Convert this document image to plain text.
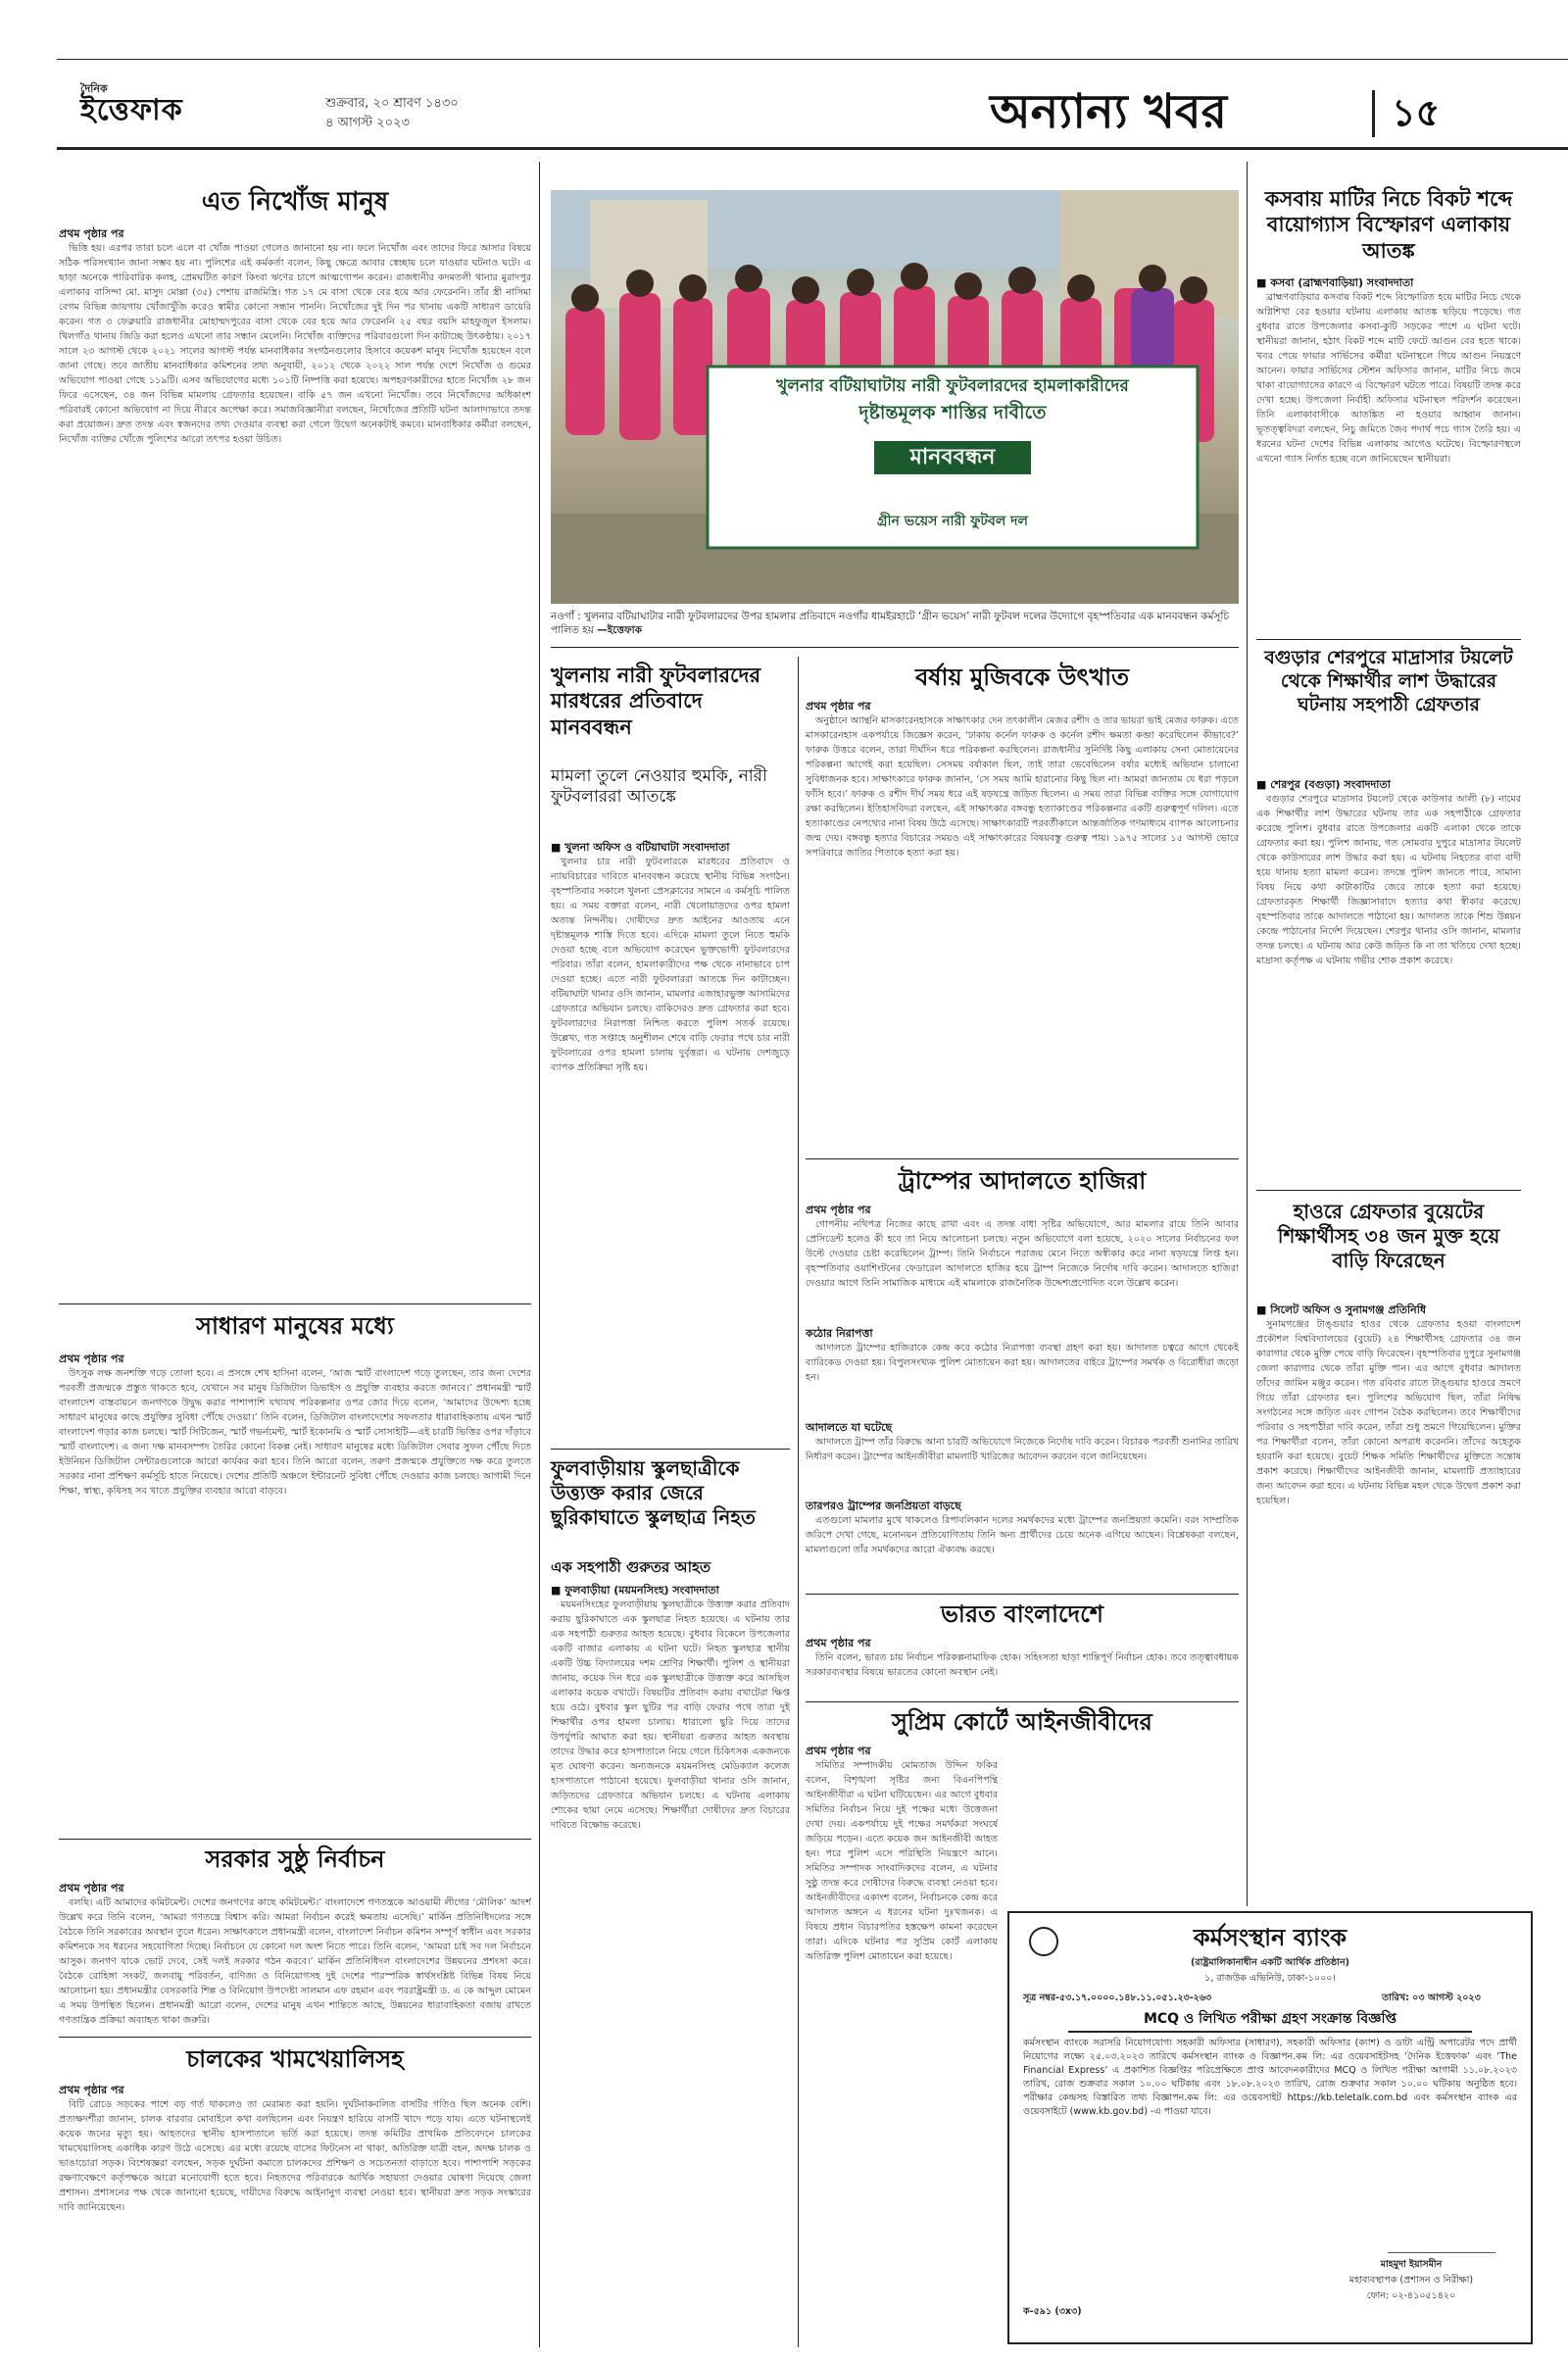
দৈনিক
ইত্তেফাক	শুক্রবার, ২০ শ্রাবণ ১৪৩০
৪ আগস্ট ২০২৩	অন্যান্য খবর	১৫
এত নিখোঁজ মানুষ
প্রথম পৃষ্ঠার পর

ভিত্তি হয়। এরপর তারা চলে এলে বা খোঁজ পাওয়া গেলেও জানানো হয় না। ফলে নিখোঁজ এবং তাদের ফিরে আসার বিষয়ে সঠিক পরিসংখ্যান জানা সম্ভব হয় না। পুলিশের এই কর্মকর্তা বলেন, কিছু ক্ষেত্রে আবার স্বেচ্ছায় চলে যাওয়ার ঘটনাও ঘটে। এ ছাড়া অনেকে পারিবারিক কলহ, প্রেমঘটিত কারণ কিংবা ঋণের চাপে আত্মগোপন করেন। রাজধানীর কদমতলী থানার মুরাদপুর এলাকার বাসিন্দা মো. মাসুদ মোল্লা (৩৫) পেশায় রাজমিস্ত্রি। গত ১৭ মে বাসা থেকে বের হয়ে আর ফেরেননি। তাঁর স্ত্রী নাসিমা বেগম বিভিন্ন জায়গায় খোঁজাখুঁজি করেও স্বামীর কোনো সন্ধান পাননি। নিখোঁজের দুই দিন পর থানায় একটি সাধারণ ডায়েরি করেন। গত ৩ ফেব্রুয়ারি রাজধানীর মোহাম্মদপুরের বাসা থেকে বের হয়ে আর ফেরেননি ২৫ বছর বয়সি মাহফুজুল ইসলাম। খিলগাঁও থানায় জিডি করা হলেও এখনো তার সন্ধান মেলেনি। নিখোঁজ ব্যক্তিদের পরিবারগুলো দিন কাটাচ্ছে উৎকণ্ঠায়। ২০১৭ সালে ২৩ আগস্ট থেকে ২০২১ সালের আগস্ট পর্যন্ত মানবাধিকার সংগঠনগুলোর হিসাবে কয়েকশ মানুষ নিখোঁজ হয়েছেন বলে জানা গেছে। তবে জাতীয় মানবাধিকার কমিশনের তথ্য অনুযায়ী, ২০১২ থেকে ২০২২ সাল পর্যন্ত দেশে নিখোঁজ ও গুমের অভিযোগ পাওয়া গেছে ১১৯টি। এসব অভিযোগের মধ্যে ১০১টি নিষ্পত্তি করা হয়েছে। অপহরণকারীদের হাতে নিখোঁজ ২৮ জন ফিরে এসেছেন, ৩৪ জন বিভিন্ন মামলায় গ্রেফতার হয়েছেন। বাকি ৫৭ জন এখনো নিখোঁজ। তবে নিখোঁজদের অধিকাংশ পরিবারই কোনো অভিযোগ না দিয়ে নীরবে অপেক্ষা করে। সমাজবিজ্ঞানীরা বলছেন, নিখোঁজের প্রতিটি ঘটনা আলাদাভাবে তদন্ত করা প্রয়োজন। দ্রুত তদন্ত এবং স্বজনদের তথ্য দেওয়ার ব্যবস্থা করা গেলে উদ্বেগ অনেকটাই কমবে। মানবাধিকার কর্মীরা বলছেন, নিখোঁজ ব্যক্তির খোঁজে পুলিশের আরো তৎপর হওয়া উচিত।

সাধারণ মানুষের মধ্যে
প্রথম পৃষ্ঠার পর

উৎসুক লক্ষ জনশক্তি গড়ে তোলা হবে। এ প্রসঙ্গে শেখ হাসিনা বলেন, ‘আজ স্মার্ট বাংলাদেশ গড়ে তুলছেন, তার জন্য দেশের পরবর্তী প্রজন্মকে প্রস্তুত থাকতে হবে, যেখানে সব মানুষ ডিজিটাল ডিভাইস ও প্রযুক্তি ব্যবহার করতে জানবে।’ প্রধানমন্ত্রী স্মার্ট বাংলাদেশ বাস্তবায়নে জনগণকে উদ্বুদ্ধ করার পাশাপাশি যথাযথ পরিকল্পনার ওপর জোর দিয়ে বলেন, ‘আমাদের উদ্দেশ্য হচ্ছে সাধারণ মানুষের কাছে প্রযুক্তির সুবিধা পৌঁছে দেওয়া।’ তিনি বলেন, ডিজিটাল বাংলাদেশের সফলতার ধারাবাহিকতায় এখন স্মার্ট বাংলাদেশ গড়ার কাজ চলছে। স্মার্ট সিটিজেন, স্মার্ট গভর্নমেন্ট, স্মার্ট ইকোনমি ও স্মার্ট সোসাইটি—এই চারটি ভিত্তির ওপর দাঁড়াবে স্মার্ট বাংলাদেশ। এ জন্য দক্ষ মানবসম্পদ তৈরির কোনো বিকল্প নেই। সাধারণ মানুষের মধ্যে ডিজিটাল সেবার সুফল পৌঁছে দিতে ইউনিয়ন ডিজিটাল সেন্টারগুলোকে আরো কার্যকর করা হবে। তিনি আরো বলেন, তরুণ প্রজন্মকে প্রযুক্তিতে দক্ষ করে তুলতে সরকার নানা প্রশিক্ষণ কর্মসূচি হাতে নিয়েছে। দেশের প্রতিটি অঞ্চলে ইন্টারনেট সুবিধা পৌঁছে দেওয়ার কাজ চলছে। আগামী দিনে শিক্ষা, স্বাস্থ্য, কৃষিসহ সব খাতে প্রযুক্তির ব্যবহার আরো বাড়বে।

সরকার সুষ্ঠু নির্বাচন
প্রথম পৃষ্ঠার পর

বলছি। এটি আমাদের কমিটমেন্ট। দেশের জনগণের কাছে কমিটমেন্ট।’ বাংলাদেশে গণতন্ত্রকে আওয়ামী লীগের ‘মৌলিক’ আদর্শ উল্লেখ করে তিনি বলেন, ‘আমরা গণতন্ত্রে বিশ্বাস করি। আমরা নির্বাচন করেই ক্ষমতায় এসেছি।’ মার্কিন প্রতিনিধিদলের সঙ্গে বৈঠকে তিনি সরকারের অবস্থান তুলে ধরেন। সাক্ষাৎকালে প্রধানমন্ত্রী বলেন, বাংলাদেশ নির্বাচন কমিশন সম্পূর্ণ স্বাধীন এবং সরকার কমিশনকে সব ধরনের সহযোগিতা দিচ্ছে। নির্বাচনে যে কোনো দল অংশ নিতে পারে। তিনি বলেন, ‘আমরা চাই সব দল নির্বাচনে আসুক। জনগণ যাকে ভোট দেবে, সেই দলই সরকার গঠন করবে।’ মার্কিন প্রতিনিধিদল বাংলাদেশের উন্নয়নের প্রশংসা করে। বৈঠকে রোহিঙ্গা সংকট, জলবায়ু পরিবর্তন, বাণিজ্য ও বিনিয়োগসহ দুই দেশের পারস্পরিক স্বার্থসংশ্লিষ্ট বিভিন্ন বিষয় নিয়ে আলোচনা হয়। প্রধানমন্ত্রীর বেসরকারি শিল্প ও বিনিয়োগ উপদেষ্টা সালমান এফ রহমান এবং পররাষ্ট্রমন্ত্রী ড. এ কে আব্দুল মোমেন এ সময় উপস্থিত ছিলেন। প্রধানমন্ত্রী আরো বলেন, দেশের মানুষ এখন শান্তিতে আছে, উন্নয়নের ধারাবাহিকতা বজায় রাখতে গণতান্ত্রিক প্রক্রিয়া অব্যাহত থাকা জরুরি।

চালকের খামখেয়ালিসহ
প্রথম পৃষ্ঠার পর

বিটি রোডে সড়কের পাশে বড় গর্ত থাকলেও তা মেরামত করা হয়নি। দুর্ঘটনাকবলিত বাসটির গতিও ছিল অনেক বেশি। প্রত্যক্ষদর্শীরা জানান, চালক বারবার মোবাইলে কথা বলছিলেন এবং নিয়ন্ত্রণ হারিয়ে বাসটি খাদে পড়ে যায়। এতে ঘটনাস্থলেই কয়েক জনের মৃত্যু হয়। আহতদের স্থানীয় হাসপাতালে ভর্তি করা হয়েছে। তদন্ত কমিটির প্রাথমিক প্রতিবেদনে চালকের খামখেয়ালিসহ একাধিক কারণ উঠে এসেছে। এর মধ্যে রয়েছে বাসের ফিটনেস না থাকা, অতিরিক্ত যাত্রী বহন, অদক্ষ চালক ও ভাঙাচোরা সড়ক। বিশেষজ্ঞরা বলছেন, সড়ক দুর্ঘটনা কমাতে চালকদের প্রশিক্ষণ ও সচেতনতা বাড়াতে হবে। পাশাপাশি সড়কের রক্ষণাবেক্ষণে কর্তৃপক্ষকে আরো মনোযোগী হতে হবে। নিহতদের পরিবারকে আর্থিক সহায়তা দেওয়ার ঘোষণা দিয়েছে জেলা প্রশাসন। প্রশাসনের পক্ষ থেকে জানানো হয়েছে, দায়ীদের বিরুদ্ধে আইনানুগ ব্যবস্থা নেওয়া হবে। স্থানীয়রা দ্রুত সড়ক সংস্কারের দাবি জানিয়েছেন।

খুলনার বটিয়াঘাটায় নারী ফুটবলারদের হামলাকারীদের
দৃষ্টান্তমূলক শাস্তির দাবীতে
মানববন্ধন
গ্রীন ভয়েস নারী ফুটবল দল
নওগাঁ : খুলনার বটিয়াঘাটার নারী ফুটবলারদের উপর হামলার প্রতিবাদে নওগাঁর ধামইরহাটে ‘গ্রীন ভয়েস’ নারী ফুটবল দলের উদ্যোগে বৃহস্পতিবার এক মানববন্ধন কর্মসূচি পালিত হয় —ইত্তেফাক
খুলনায় নারী ফুটবলারদের মারধরের প্রতিবাদে মানববন্ধন
মামলা তুলে নেওয়ার হুমকি, নারী ফুটবলাররা আতঙ্কে
■ খুলনা অফিস ও বটিয়াঘাটা সংবাদদাতা

খুলনার চার নারী ফুটবলারকে মারধরের প্রতিবাদে ও ন্যায়বিচারের দাবিতে মানববন্ধন করেছে স্থানীয় বিভিন্ন সংগঠন। বৃহস্পতিবার সকালে খুলনা প্রেসক্লাবের সামনে এ কর্মসূচি পালিত হয়। এ সময় বক্তারা বলেন, নারী খেলোয়াড়দের ওপর হামলা অত্যন্ত নিন্দনীয়। দোষীদের দ্রুত আইনের আওতায় এনে দৃষ্টান্তমূলক শাস্তি দিতে হবে। এদিকে মামলা তুলে নিতে হুমকি দেওয়া হচ্ছে বলে অভিযোগ করেছেন ভুক্তভোগী ফুটবলারদের পরিবার। তাঁরা বলেন, হামলাকারীদের পক্ষ থেকে নানাভাবে চাপ দেওয়া হচ্ছে। এতে নারী ফুটবলাররা আতঙ্কে দিন কাটাচ্ছেন। বটিয়াঘাটা থানার ওসি জানান, মামলার এজাহারভুক্ত আসামিদের গ্রেফতারে অভিযান চলছে। বাকিদেরও দ্রুত গ্রেফতার করা হবে। ফুটবলারদের নিরাপত্তা নিশ্চিত করতে পুলিশ সতর্ক রয়েছে। উল্লেখ্য, গত সপ্তাহে অনুশীলন শেষে বাড়ি ফেরার পথে চার নারী ফুটবলারের ওপর হামলা চালায় দুর্বৃত্তরা। এ ঘটনায় দেশজুড়ে ব্যাপক প্রতিক্রিয়া সৃষ্টি হয়।

ফুলবাড়ীয়ায় স্কুলছাত্রীকে উত্ত্যক্ত করার জেরে ছুরিকাঘাতে স্কুলছাত্র নিহত
এক সহপাঠী গুরুতর আহত
■ ফুলবাড়ীয়া (ময়মনসিংহ) সংবাদদাতা

ময়মনসিংহের ফুলবাড়ীয়ায় স্কুলছাত্রীকে উত্ত্যক্ত করার প্রতিবাদ করায় ছুরিকাঘাতে এক স্কুলছাত্র নিহত হয়েছে। এ ঘটনায় তার এক সহপাঠী গুরুতর আহত হয়েছে। বুধবার বিকেলে উপজেলার একটি বাজার এলাকায় এ ঘটনা ঘটে। নিহত স্কুলছাত্র স্থানীয় একটি উচ্চ বিদ্যালয়ের দশম শ্রেণির শিক্ষার্থী। পুলিশ ও স্থানীয়রা জানায়, কয়েক দিন ধরে এক স্কুলছাত্রীকে উত্ত্যক্ত করে আসছিল এলাকার কয়েক বখাটে। বিষয়টির প্রতিবাদ করায় বখাটেরা ক্ষিপ্ত হয়ে ওঠে। বুধবার স্কুল ছুটির পর বাড়ি ফেরার পথে তারা দুই শিক্ষার্থীর ওপর হামলা চালায়। ধারালো ছুরি দিয়ে তাদের উপর্যুপরি আঘাত করা হয়। স্থানীয়রা গুরুতর আহত অবস্থায় তাদের উদ্ধার করে হাসপাতালে নিয়ে গেলে চিকিৎসক একজনকে মৃত ঘোষণা করেন। অন্যজনকে ময়মনসিংহ মেডিক্যাল কলেজ হাসপাতালে পাঠানো হয়েছে। ফুলবাড়ীয়া থানার ওসি জানান, জড়িতদের গ্রেফতারে অভিযান চলছে। এ ঘটনায় এলাকায় শোকের ছায়া নেমে এসেছে। শিক্ষার্থীরা দোষীদের দ্রুত বিচারের দাবিতে বিক্ষোভ করেছে।

বর্ষায় মুজিবকে উৎখাত
প্রথম পৃষ্ঠার পর

অনুষ্ঠানে অ্যান্থনি মাসকারেনহাসকে সাক্ষাৎকার দেন তৎকালীন মেজর রশীদ ও তার ভায়রা ভাই মেজর ফারুক। এতে মাসকারেনহাস একপর্যায়ে জিজ্ঞেস করেন, ‘ঢাকায় কর্নেল ফারুক ও কর্নেল রশীদ ক্ষমতা কব্জা করেছিলেন কীভাবে?’ ফারুক উত্তরে বলেন, তারা দীর্ঘদিন ধরে পরিকল্পনা করছিলেন। রাজধানীর সুনির্দিষ্ট কিছু এলাকায় সেনা মোতায়েনের পরিকল্পনা আগেই করা হয়েছিল। সেসময় বর্ষাকাল ছিল, তাই তারা ভেবেছিলেন বর্ষার মধ্যেই অভিযান চালানো সুবিধাজনক হবে। সাক্ষাৎকারে ফারুক জানান, ‘সে সময় আমি হারানোর কিছু ছিল না। আমরা জানতাম যে ধরা পড়লে ফাঁসি হবে।’ ফারুক ও রশীদ দীর্ঘ সময় ধরে এই ষড়যন্ত্রে জড়িত ছিলেন। এ সময় তারা বিভিন্ন ব্যক্তির সঙ্গে যোগাযোগ রক্ষা করছিলেন। ইতিহাসবিদরা বলছেন, এই সাক্ষাৎকার বঙ্গবন্ধু হত্যাকাণ্ডের পরিকল্পনার একটি গুরুত্বপূর্ণ দলিল। এতে হত্যাকাণ্ডের নেপথ্যের নানা বিষয় উঠে এসেছে। সাক্ষাৎকারটি পরবর্তীকালে আন্তর্জাতিক গণমাধ্যমে ব্যাপক আলোচনার জন্ম দেয়। বঙ্গবন্ধু হত্যার বিচারের সময়ও এই সাক্ষাৎকারের বিষয়বস্তু গুরুত্ব পায়। ১৯৭৫ সালের ১৫ আগস্ট ভোরে সপরিবারে জাতির পিতাকে হত্যা করা হয়।

ট্রাম্পের আদালতে হাজিরা
প্রথম পৃষ্ঠার পর

গোপনীয় নথিপত্র নিজের কাছে রাখা এবং এ তদন্ত বাধা সৃষ্টির অভিযোগে, আর মামলার রায়ে তিনি আবার প্রেসিডেন্ট হলেও কী হবে তা নিয়ে আলোচনা চলছে। নতুন অভিযোগে বলা হয়েছে, ২০২০ সালের নির্বাচনের ফল উল্টে দেওয়ার চেষ্টা করেছিলেন ট্রাম্প। তিনি নির্বাচনে পরাজয় মেনে নিতে অস্বীকার করে নানা ষড়যন্ত্রে লিপ্ত হন। বৃহস্পতিবার ওয়াশিংটনের ফেডারেল আদালতে হাজির হয়ে ট্রাম্প নিজেকে নির্দোষ দাবি করেন। আদালতে হাজিরা দেওয়ার আগে তিনি সামাজিক মাধ্যমে এই মামলাকে রাজনৈতিক উদ্দেশ্যপ্রণোদিত বলে উল্লেখ করেন।

কঠোর নিরাপত্তা

আদালতে ট্রাম্পের হাজিরাকে কেন্দ্র করে কঠোর নিরাপত্তা ব্যবস্থা গ্রহণ করা হয়। আদালত চত্বরে আগে থেকেই ব্যারিকেড দেওয়া হয়। বিপুলসংখ্যক পুলিশ মোতায়েন করা হয়। আদালতের বাইরে ট্রাম্পের সমর্থক ও বিরোধীরা জড়ো হন।

আদালতে যা ঘটেছে

আদালতে ট্রাম্প তাঁর বিরুদ্ধে আনা চারটি অভিযোগে নিজেকে নির্দোষ দাবি করেন। বিচারক পরবর্তী শুনানির তারিখ নির্ধারণ করেন। ট্রাম্পের আইনজীবীরা মামলাটি খারিজের আবেদন করবেন বলে জানিয়েছেন।

তারপরও ট্রাম্পের জনপ্রিয়তা বাড়ছে

এতগুলো মামলার মুখে থাকলেও রিপাবলিকান দলের সমর্থকদের মধ্যে ট্রাম্পের জনপ্রিয়তা কমেনি। বরং সাম্প্রতিক জরিপে দেখা গেছে, মনোনয়ন প্রতিযোগিতায় তিনি অন্য প্রার্থীদের চেয়ে অনেক এগিয়ে আছেন। বিশ্লেষকরা বলছেন, মামলাগুলো তাঁর সমর্থকদের আরো ঐক্যবদ্ধ করছে।

ভারত বাংলাদেশে
প্রথম পৃষ্ঠার পর

তিনি বলেন, ভারত চায় নির্বাচন পরিকল্পনামাফিক হোক। সহিংসতা ছাড়া শান্তিপূর্ণ নির্বাচন হোক। তবে তত্ত্বাবধায়ক সরকারব্যবস্থার বিষয়ে ভারতের কোনো অবস্থান নেই।

সুপ্রিম কোর্টে আইনজীবীদের
প্রথম পৃষ্ঠার পর

সমিতির সম্পাদকীয় মোমতাজ উদ্দিন ফকির বলেন, বিশৃঙ্খলা সৃষ্টির জন্য বিএনপিপন্থি আইনজীবীরা এ ঘটনা ঘটিয়েছেন। এর আগে বুধবার সমিতির নির্বাচন নিয়ে দুই পক্ষের মধ্যে উত্তেজনা দেখা দেয়। একপর্যায়ে দুই পক্ষের সমর্থকরা সংঘর্ষে জড়িয়ে পড়েন। এতে কয়েক জন আইনজীবী আহত হন। পরে পুলিশ এসে পরিস্থিতি নিয়ন্ত্রণে আনে। সমিতির সম্পাদক সাংবাদিকদের বলেন, এ ঘটনার সুষ্ঠু তদন্ত করে দোষীদের বিরুদ্ধে ব্যবস্থা নেওয়া হবে। আইনজীবীদের একাংশ বলেন, নির্বাচনকে কেন্দ্র করে আদালত অঙ্গনে এ ধরনের ঘটনা দুঃখজনক। এ বিষয়ে প্রধান বিচারপতির হস্তক্ষেপ কামনা করেছেন তারা। এদিকে ঘটনার পর সুপ্রিম কোর্ট এলাকায় অতিরিক্ত পুলিশ মোতায়েন করা হয়েছে।

কসবায় মাটির নিচে বিকট শব্দে বায়োগ্যাস বিস্ফোরণ এলাকায় আতঙ্ক
■ কসবা (ব্রাহ্মণবাড়িয়া) সংবাদদাতা

ব্রাহ্মণবাড়িয়ার কসবায় বিকট শব্দে বিস্ফোরিত হয়ে মাটির নিচে থেকে অগ্নিশিখা বের হওয়ার ঘটনায় এলাকায় আতঙ্ক ছড়িয়ে পড়েছে। গত বুধবার রাতে উপজেলার কসবা-কুটি সড়কের পাশে এ ঘটনা ঘটে। স্থানীয়রা জানান, হঠাৎ বিকট শব্দে মাটি ফেটে আগুন বের হতে থাকে। খবর পেয়ে ফায়ার সার্ভিসের কর্মীরা ঘটনাস্থলে গিয়ে আগুন নিয়ন্ত্রণে আনেন। ফায়ার সার্ভিসের স্টেশন অফিসার জানান, মাটির নিচে জমে থাকা বায়োগ্যাসের কারণে এ বিস্ফোরণ ঘটতে পারে। বিষয়টি তদন্ত করে দেখা হচ্ছে। উপজেলা নির্বাহী অফিসার ঘটনাস্থল পরিদর্শন করেছেন। তিনি এলাকাবাসীকে আতঙ্কিত না হওয়ার আহ্বান জানান। ভূতত্ত্ববিদরা বলছেন, নিচু জমিতে জৈব পদার্থ পচে গ্যাস তৈরি হয়। এ ধরনের ঘটনা দেশের বিভিন্ন এলাকায় আগেও ঘটেছে। বিস্ফোরণস্থলে এখনো গ্যাস নির্গত হচ্ছে বলে জানিয়েছেন স্থানীয়রা।

বগুড়ার শেরপুরে মাদ্রাসার টয়লেট থেকে শিক্ষার্থীর লাশ উদ্ধারের ঘটনায় সহপাঠী গ্রেফতার
■ শেরপুর (বগুড়া) সংবাদদাতা

বগুড়ার শেরপুরে মাদ্রাসার টয়লেট থেকে কাউসার আলী (৮) নামের এক শিক্ষার্থীর লাশ উদ্ধারের ঘটনায় তার এক সহপাঠীকে গ্রেফতার করেছে পুলিশ। বুধবার রাতে উপজেলার একটি এলাকা থেকে তাকে গ্রেফতার করা হয়। পুলিশ জানায়, গত সোমবার দুপুরে মাদ্রাসার টয়লেট থেকে কাউসারের লাশ উদ্ধার করা হয়। এ ঘটনায় নিহতের বাবা বাদী হয়ে থানায় হত্যা মামলা করেন। তদন্তে পুলিশ জানতে পারে, সামান্য বিষয় নিয়ে কথা কাটাকাটির জেরে তাকে হত্যা করা হয়েছে। গ্রেফতারকৃত শিক্ষার্থী জিজ্ঞাসাবাদে হত্যার কথা স্বীকার করেছে। বৃহস্পতিবার তাকে আদালতে পাঠানো হয়। আদালত তাকে শিশু উন্নয়ন কেন্দ্রে পাঠানোর নির্দেশ দিয়েছেন। শেরপুর থানার ওসি জানান, মামলার তদন্ত চলছে। এ ঘটনায় আর কেউ জড়িত কি না তা খতিয়ে দেখা হচ্ছে। মাদ্রাসা কর্তৃপক্ষ এ ঘটনায় গভীর শোক প্রকাশ করেছে।

হাওরে গ্রেফতার বুয়েটের শিক্ষার্থীসহ ৩৪ জন মুক্ত হয়ে বাড়ি ফিরেছেন
■ সিলেট অফিস ও সুনামগঞ্জ প্রতিনিধি

সুনামগঞ্জের টাঙ্গুয়ার হাওর থেকে গ্রেফতার হওয়া বাংলাদেশ প্রকৌশল বিশ্ববিদ্যালয়ের (বুয়েট) ২৪ শিক্ষার্থীসহ গ্রেফতার ৩৪ জন কারাগার থেকে মুক্তি পেয়ে বাড়ি ফিরেছেন। বৃহস্পতিবার দুপুরে সুনামগঞ্জ জেলা কারাগার থেকে তাঁরা মুক্তি পান। এর আগে বুধবার আদালত তাঁদের জামিন মঞ্জুর করেন। গত রবিবার রাতে টাঙ্গুয়ার হাওরে ভ্রমণে গিয়ে তাঁরা গ্রেফতার হন। পুলিশের অভিযোগ ছিল, তাঁরা নিষিদ্ধ সংগঠনের সঙ্গে জড়িত এবং গোপন বৈঠক করছিলেন। তবে শিক্ষার্থীদের পরিবার ও সহপাঠীরা দাবি করেন, তাঁরা শুধু ভ্রমণে গিয়েছিলেন। মুক্তির পর শিক্ষার্থীরা বলেন, তাঁরা কোনো অপরাধ করেননি। তাঁদের অহেতুক হয়রানি করা হয়েছে। বুয়েট শিক্ষক সমিতি শিক্ষার্থীদের মুক্তিতে সন্তোষ প্রকাশ করেছে। শিক্ষার্থীদের আইনজীবী জানান, মামলাটি প্রত্যাহারের জন্য আবেদন করা হবে। এ ঘটনায় বিভিন্ন মহল থেকে উদ্বেগ প্রকাশ করা হয়েছিল।

কর্মসংস্থান ব্যাংক
(রাষ্ট্রমালিকানাধীন একটি আর্থিক প্রতিষ্ঠান)
১, রাজউক এভিনিউ, ঢাকা-১০০০।
সূত্র নম্বর-৫৩.১৭.০০০০.১৪৮.১১.০৫১.২৩-২৬৩	তারিখ: ০৩ আগস্ট ২০২৩
MCQ ও লিখিত পরীক্ষা গ্রহণ সংক্রান্ত বিজ্ঞপ্তি
কর্মসংস্থান ব্যাংকে সরাসরি নিয়োগযোগ্য সহকারী অফিসার (সাধারণ), সহকারী অফিসার (ক্যাশ) ও ডাটা এন্ট্রি অপারেটর পদে প্রার্থী নিয়োগের লক্ষ্যে ২৫.০৩.২০২৩ তারিখে কর্মসংস্থান ব্যাংক ও বিজ্ঞাপন.কম লি: এর ওয়েবসাইটসহ ‘দৈনিক ইত্তেফাক’ এবং ‘The Financial Express’ এ প্রকাশিত বিজ্ঞপ্তির পরিপ্রেক্ষিতে প্রাপ্ত আবেদনকারীদের MCQ ও লিখিত পরীক্ষা আগামী ১১.০৮.২০২৩ তারিখ, রোজ শুক্রবার সকাল ১০.০০ ঘটিকায় এবং ১৮.০৮.২০২৩ তারিখ, রোজ শুক্রবার সকাল ১০.০০ ঘটিকায় অনুষ্ঠিত হবে। পরীক্ষার কেন্দ্রসহ বিস্তারিত তথ্য বিজ্ঞাপন.কম লি: এর ওয়েবসাইট https://kb.teletalk.com.bd এবং কর্মসংস্থান ব্যাংক এর ওয়েবসাইটে (www.kb.gov.bd) -এ পাওয়া যাবে।
মাহমুদা ইয়াসমীন
মহাব্যবস্থাপক (প্রশাসন ও নিরীক্ষা)
ফোন: ০২-৪১০৫১৪২০
ক-৫৯১ (৩x৩)
